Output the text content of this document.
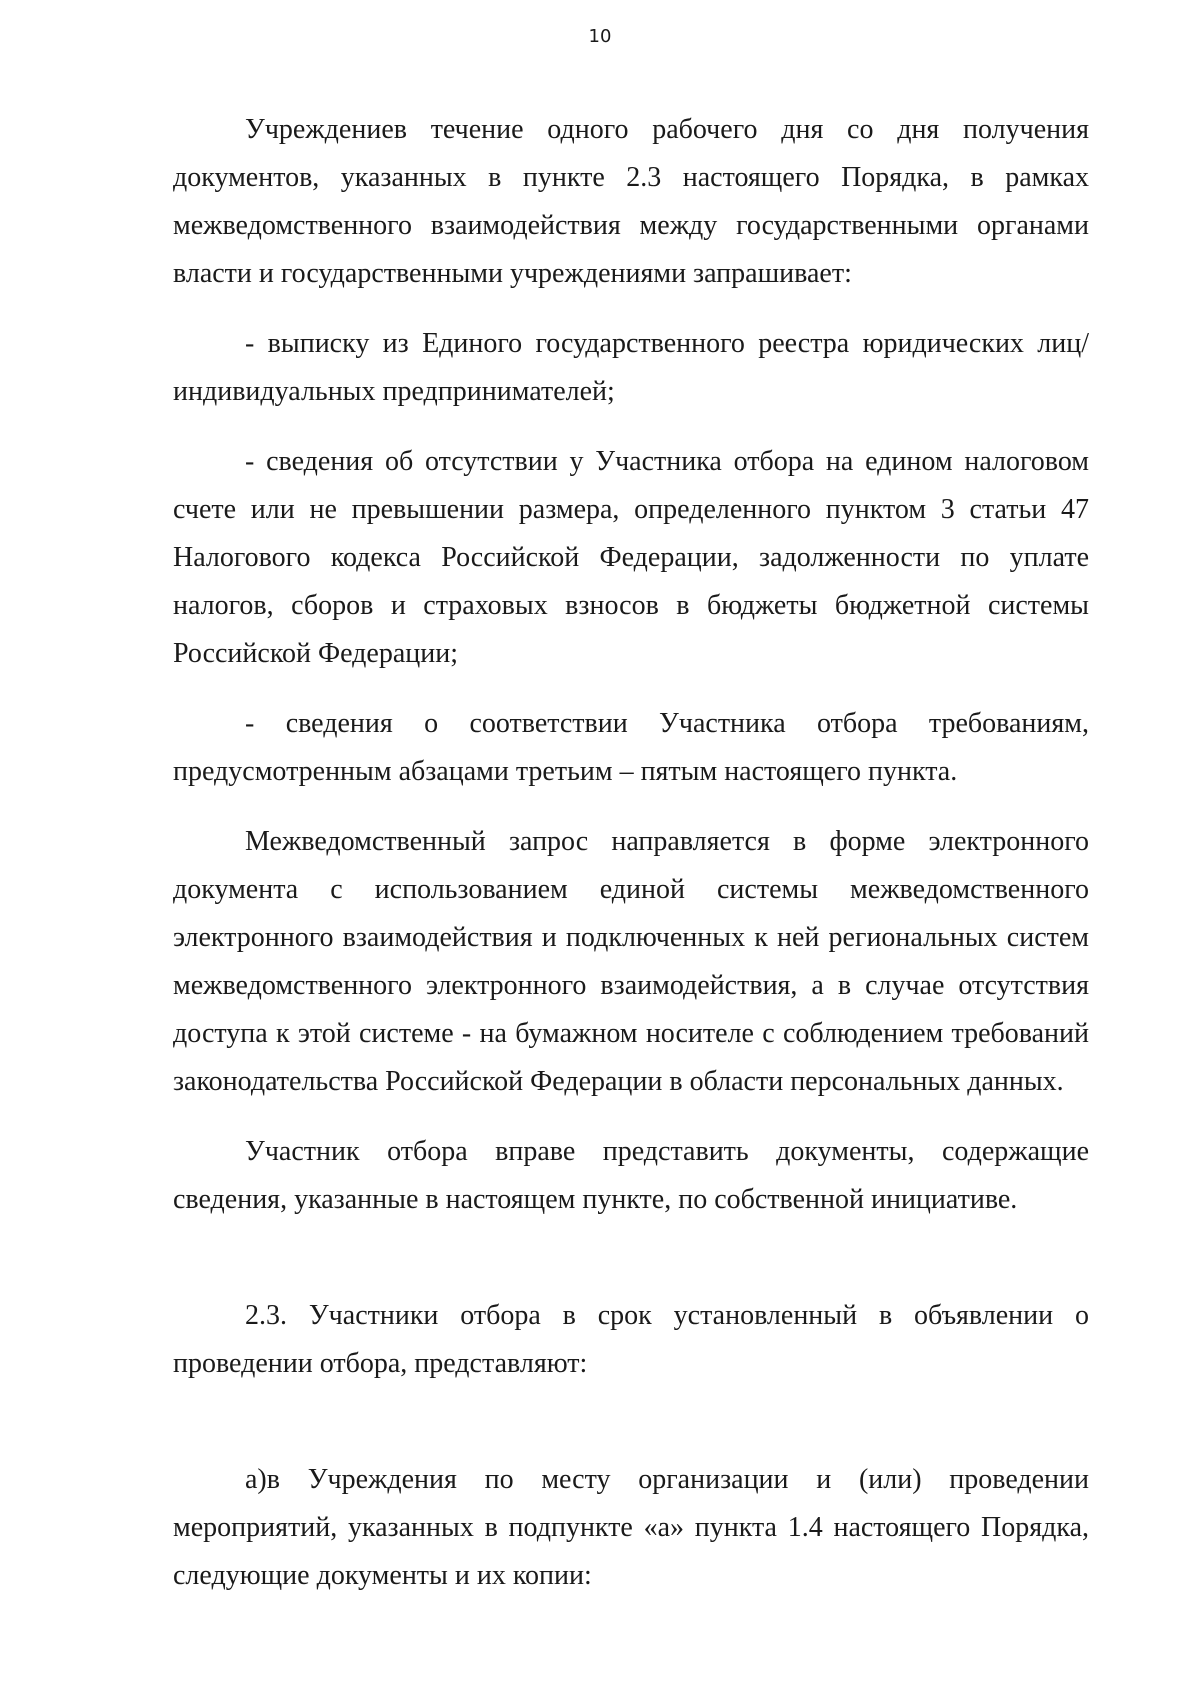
10

Учреждениев течение одного рабочего дня со дня получения документов, указанных в пункте 2.3 настоящего Порядка, в рамках межведомственного взаимодействия между государственными органами власти и государственными учреждениями запрашивает:

- выписку из Единого государственного реестра юридических лиц/индивидуальных предпринимателей;

- сведения об отсутствии у Участника отбора на едином налоговом счете или не превышении размера, определенного пунктом 3 статьи 47 Налогового кодекса Российской Федерации, задолженности по уплате налогов, сборов и страховых взносов в бюджеты бюджетной системы Российской Федерации;

- сведения о соответствии Участника отбора требованиям, предусмотренным абзацами третьим – пятым настоящего пункта.

Межведомственный запрос направляется в форме электронного документа с использованием единой системы межведомственного электронного взаимодействия и подключенных к ней региональных систем межведомственного электронного взаимодействия, а в случае отсутствия доступа к этой системе - на бумажном носителе с соблюдением требований законодательства Российской Федерации в области персональных данных.

Участник отбора вправе представить документы, содержащие сведения, указанные в настоящем пункте, по собственной инициативе.

2.3. Участники отбора в срок установленный в объявлении о проведении отбора, представляют:

а)в Учреждения по месту организации и (или) проведении мероприятий, указанных в подпункте «а» пункта 1.4 настоящего Порядка, следующие документы и их копии:
